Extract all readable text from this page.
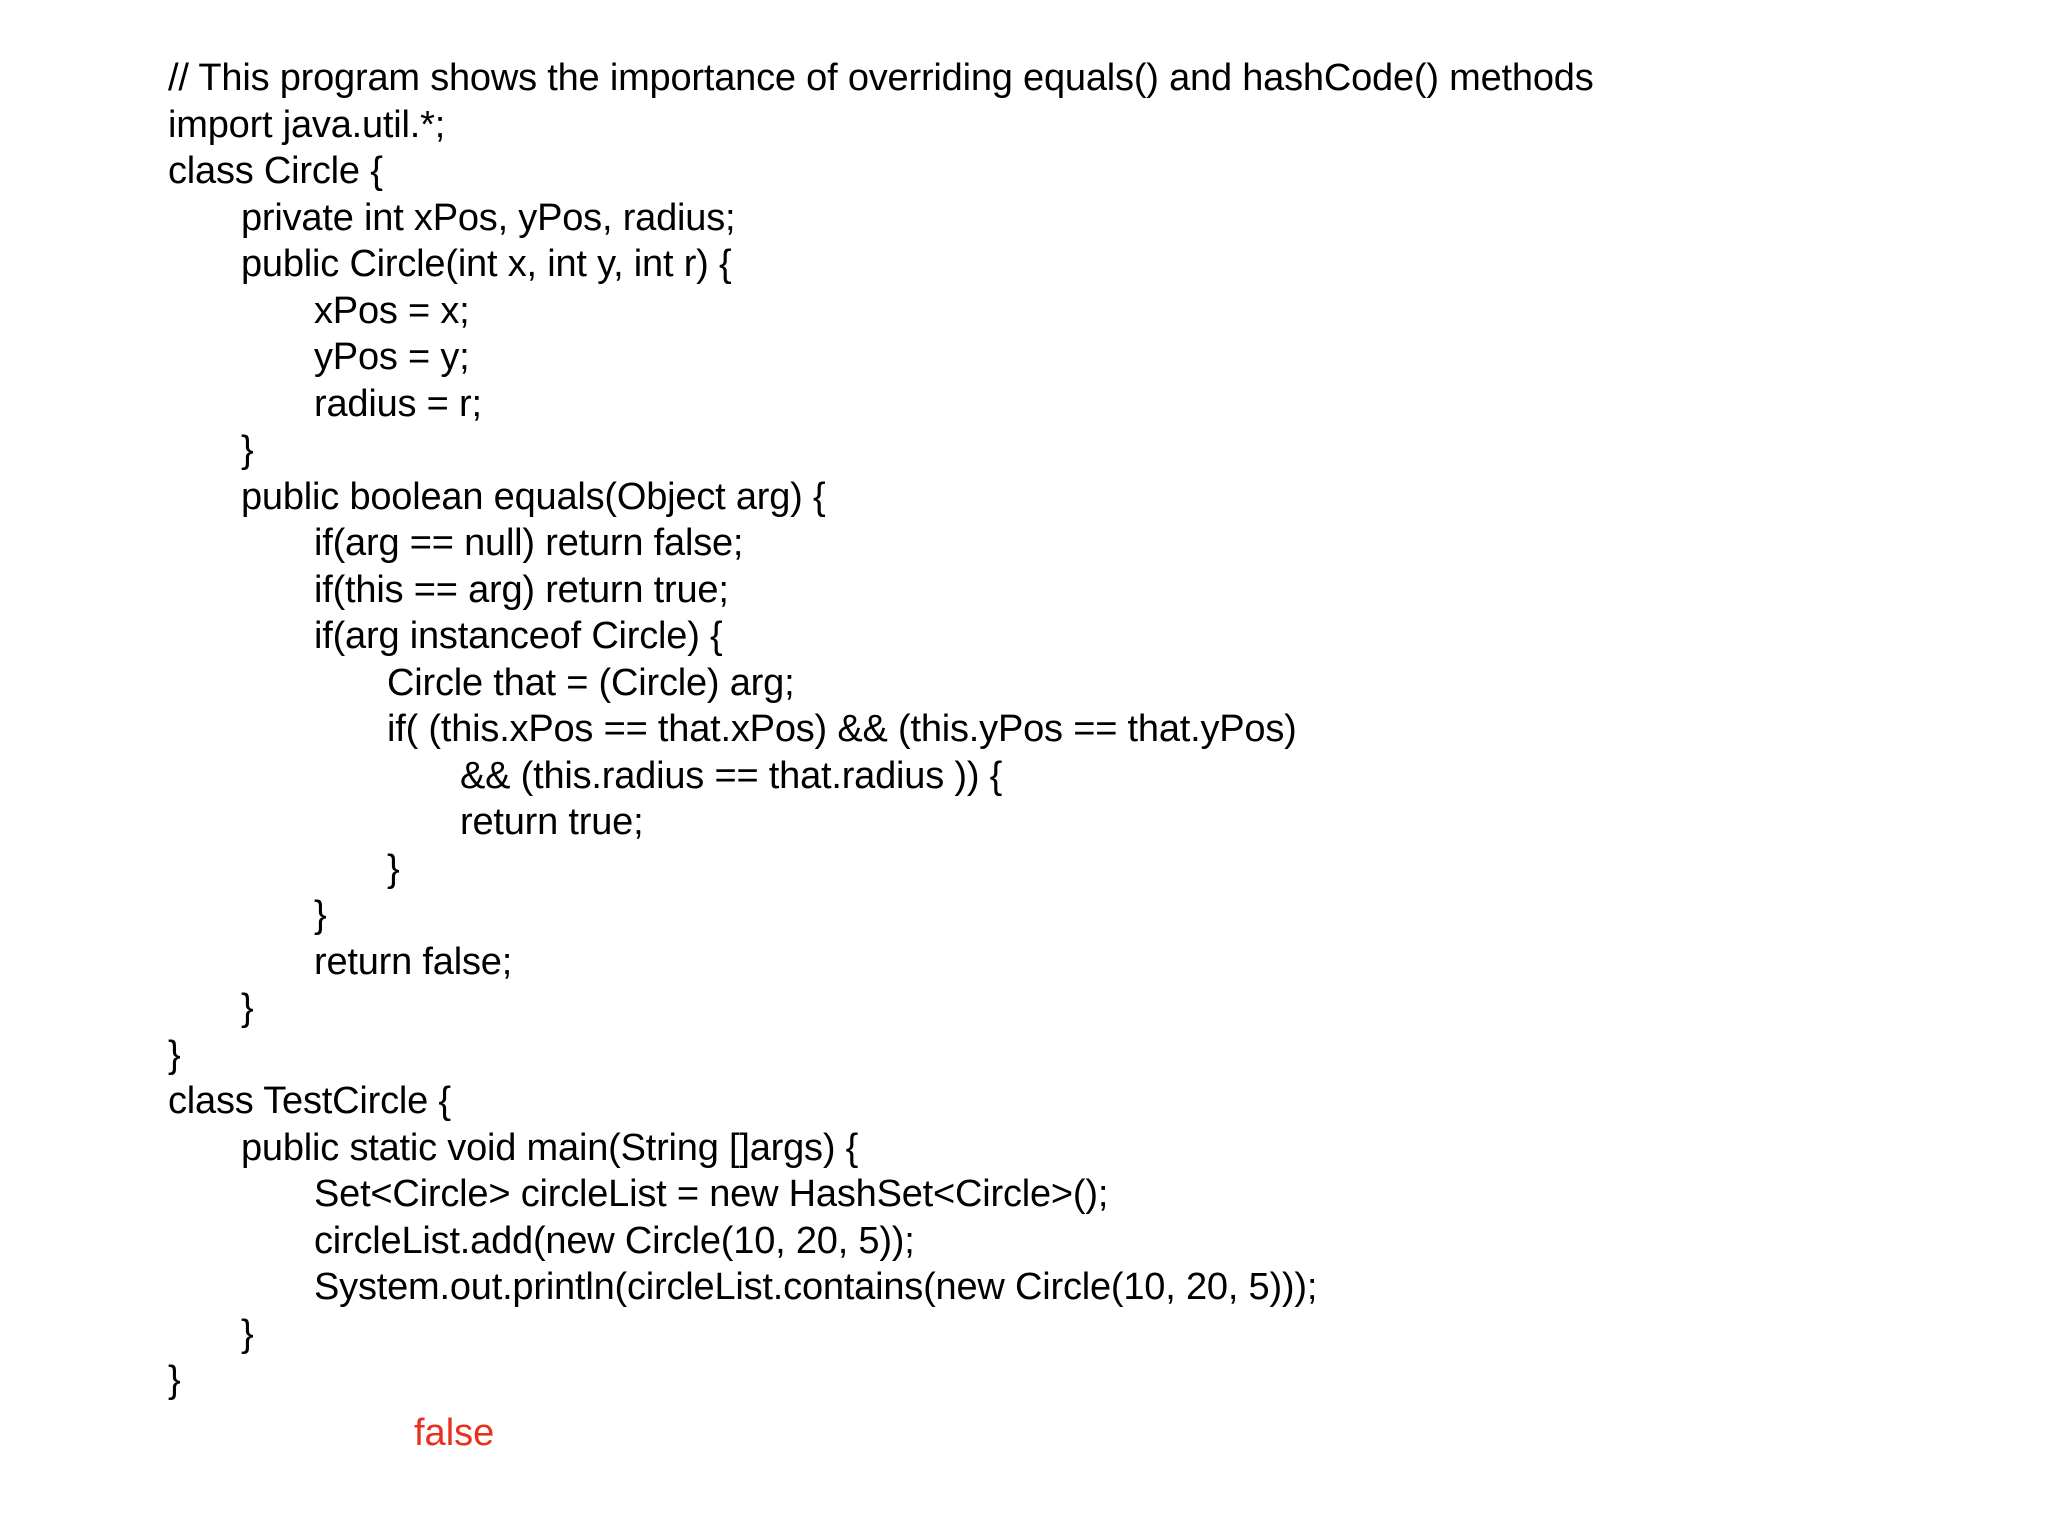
// This program shows the importance of overriding equals() and hashCode() methods
import java.util.*;
class Circle {
private int xPos, yPos, radius;
public Circle(int x, int y, int r) {
xPos = x;
yPos = y;
radius = r;
}
public boolean equals(Object arg) {
if(arg == null) return false;
if(this == arg) return true;
if(arg instanceof Circle) {
Circle that = (Circle) arg;
if( (this.xPos == that.xPos) && (this.yPos == that.yPos)
&& (this.radius == that.radius )) {
return true;
}
}
return false;
}
}
class TestCircle {
public static void main(String []args) {
Set<Circle> circleList = new HashSet<Circle>();
circleList.add(new Circle(10, 20, 5));
System.out.println(circleList.contains(new Circle(10, 20, 5)));
}
}
false
